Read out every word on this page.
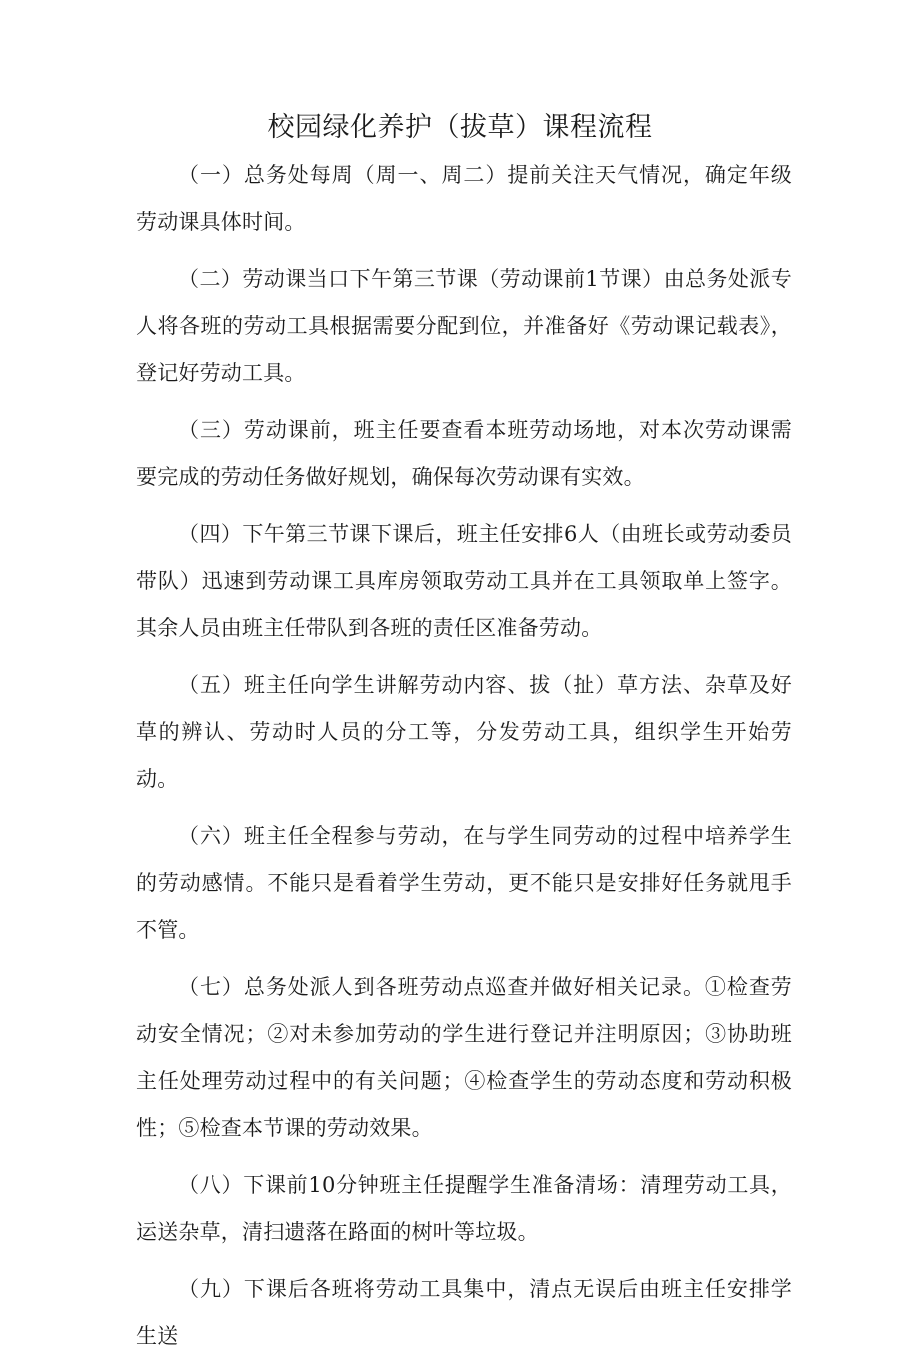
校园绿化养护（拔草）课程流程

（一）总务处每周（周一、周二）提前关注天气情况，确定年级劳动课具体时间。

（二）劳动课当口下午第三节课（劳动课前1节课）由总务处派专人将各班的劳动工具根据需要分配到位，并准备好《劳动课记载表》，登记好劳动工具。

（三）劳动课前，班主任要查看本班劳动场地，对本次劳动课需要完成的劳动任务做好规划，确保每次劳动课有实效。

（四）下午第三节课下课后，班主任安排6人（由班长或劳动委员带队）迅速到劳动课工具库房领取劳动工具并在工具领取单上签字。其余人员由班主任带队到各班的责任区准备劳动。

（五）班主任向学生讲解劳动内容、拔（扯）草方法、杂草及好草的辨认、劳动时人员的分工等，分发劳动工具，组织学生开始劳动。

（六）班主任全程参与劳动，在与学生同劳动的过程中培养学生的劳动感情。不能只是看着学生劳动，更不能只是安排好任务就甩手不管。

（七）总务处派人到各班劳动点巡查并做好相关记录。①检查劳动安全情况；②对未参加劳动的学生进行登记并注明原因；③协助班主任处理劳动过程中的有关问题；④检查学生的劳动态度和劳动积极性；⑤检查本节课的劳动效果。

（八）下课前10分钟班主任提醒学生准备清场：清理劳动工具，运送杂草，清扫遗落在路面的树叶等垃圾。

（九）下课后各班将劳动工具集中，清点无误后由班主任安排学生送
